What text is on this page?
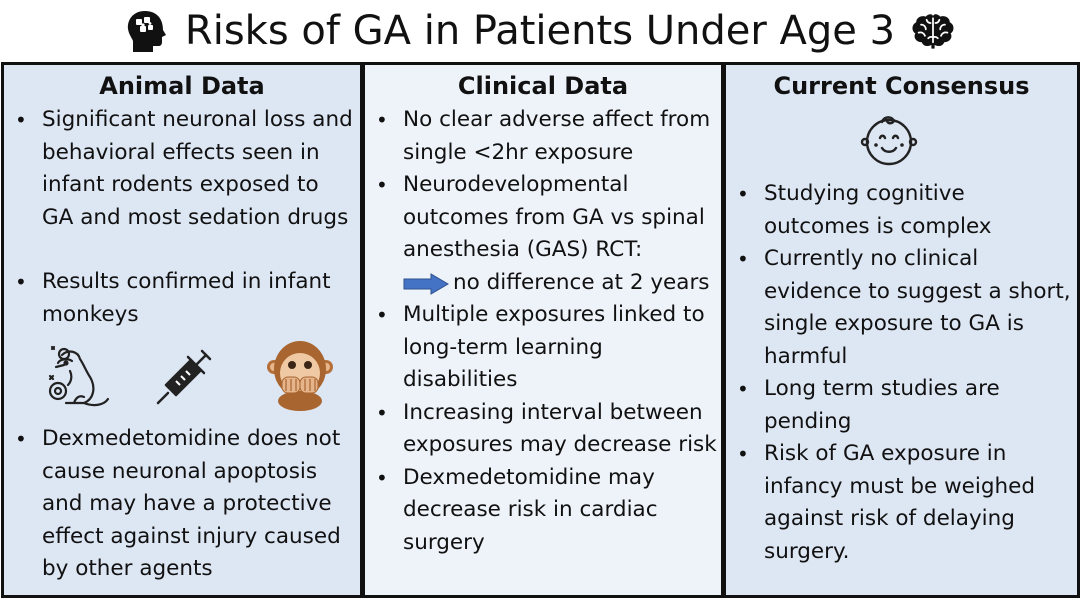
Risks of GA in Patients Under Age 3
Animal Data
• Significant neuronal loss and behavioral effects seen in infant rodents exposed to GA and most sedation drugs
• Results confirmed in infant monkeys
• Dexmedetomidine does not cause neuronal apoptosis and may have a protective effect against injury caused by other agents
Clinical Data
• No clear adverse affect from single <2hr exposure
• Neurodevelopmental outcomes from GA vs spinal anesthesia (GAS) RCT:
no difference at 2 years
• Multiple exposures linked to long-term learning disabilities
• Increasing interval between exposures may decrease risk
• Dexmedetomidine may decrease risk in cardiac surgery
Current Consensus
• Studying cognitive outcomes is complex
• Currently no clinical evidence to suggest a short, single exposure to GA is harmful
• Long term studies are pending
• Risk of GA exposure in infancy must be weighed against risk of delaying surgery.
